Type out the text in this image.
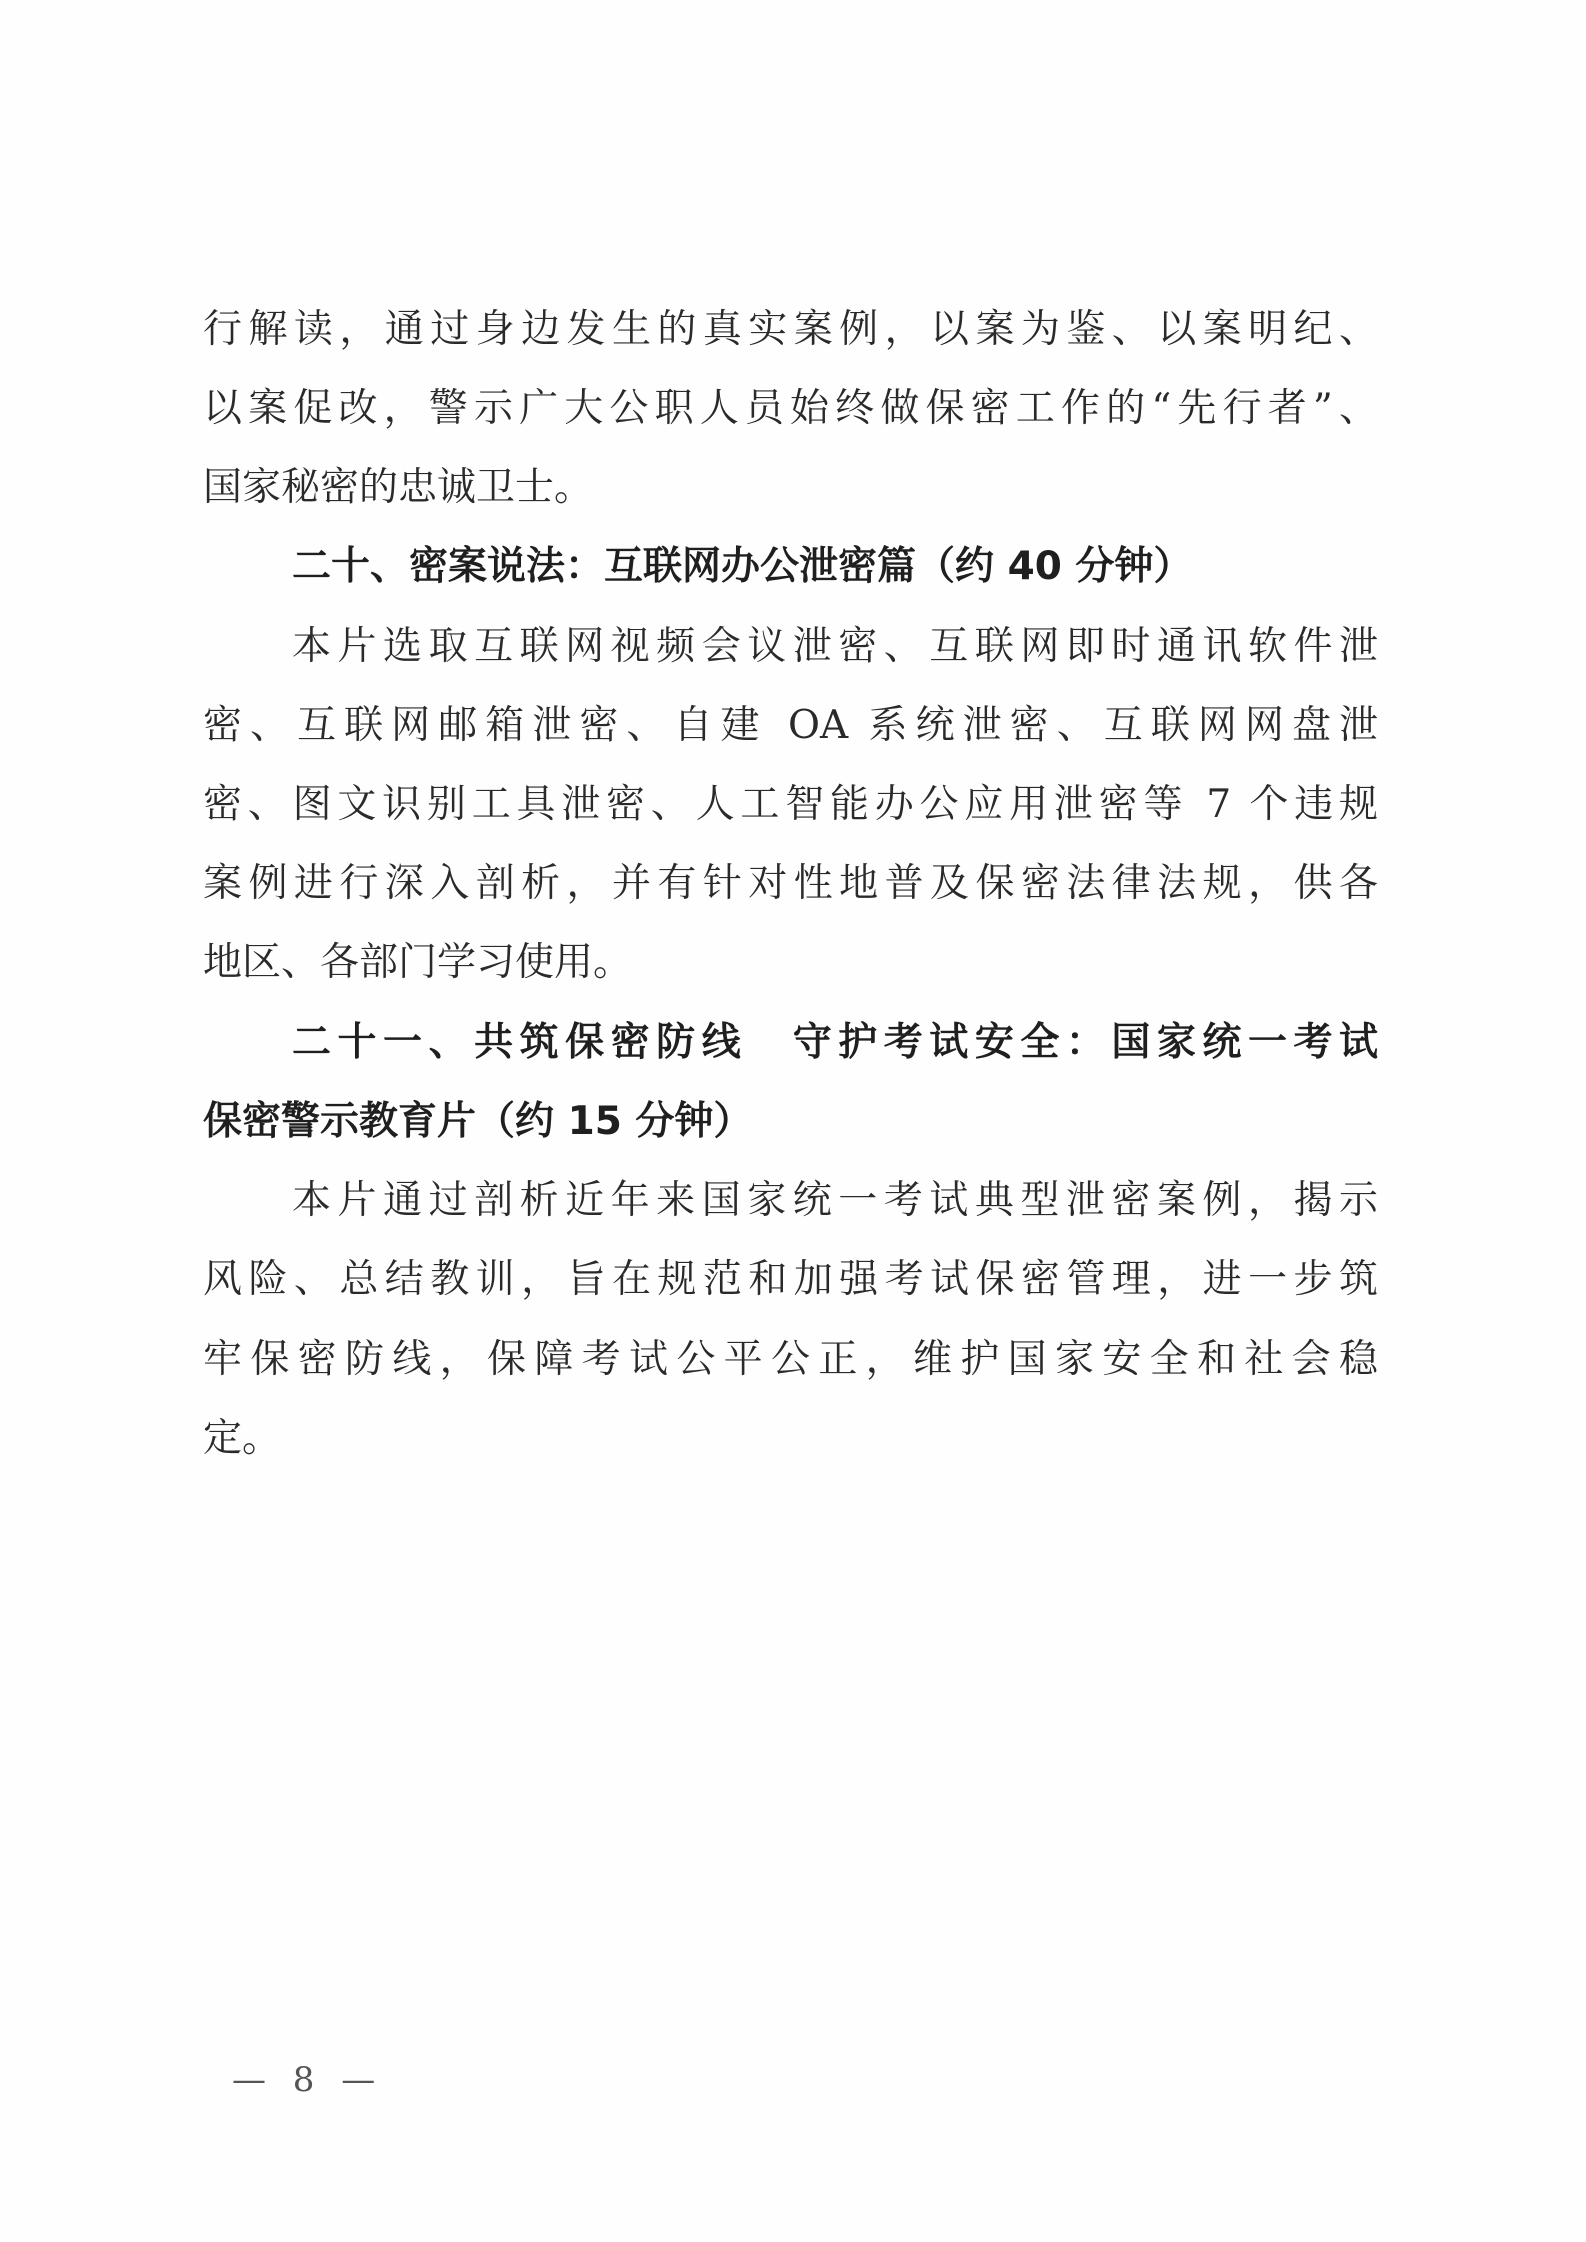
行解读，通过身边发生的真实案例，以案为鉴、以案明纪、
以案促改，警示广大公职人员始终做保密工作的“先行者”、
国家秘密的忠诚卫士。
二十、密案说法：互联网办公泄密篇（约 40 分钟）
本片选取互联网视频会议泄密、互联网即时通讯软件泄
密、互联网邮箱泄密、自建 OA 系统泄密、互联网网盘泄
密、图文识别工具泄密、人工智能办公应用泄密等 7 个违规
案例进行深入剖析，并有针对性地普及保密法律法规，供各
地区、各部门学习使用。
二十一、共筑保密防线　守护考试安全：国家统一考试
保密警示教育片（约 15 分钟）
本片通过剖析近年来国家统一考试典型泄密案例，揭示
风险、总结教训，旨在规范和加强考试保密管理，进一步筑
牢保密防线，保障考试公平公正，维护国家安全和社会稳
定。
— 8 —
